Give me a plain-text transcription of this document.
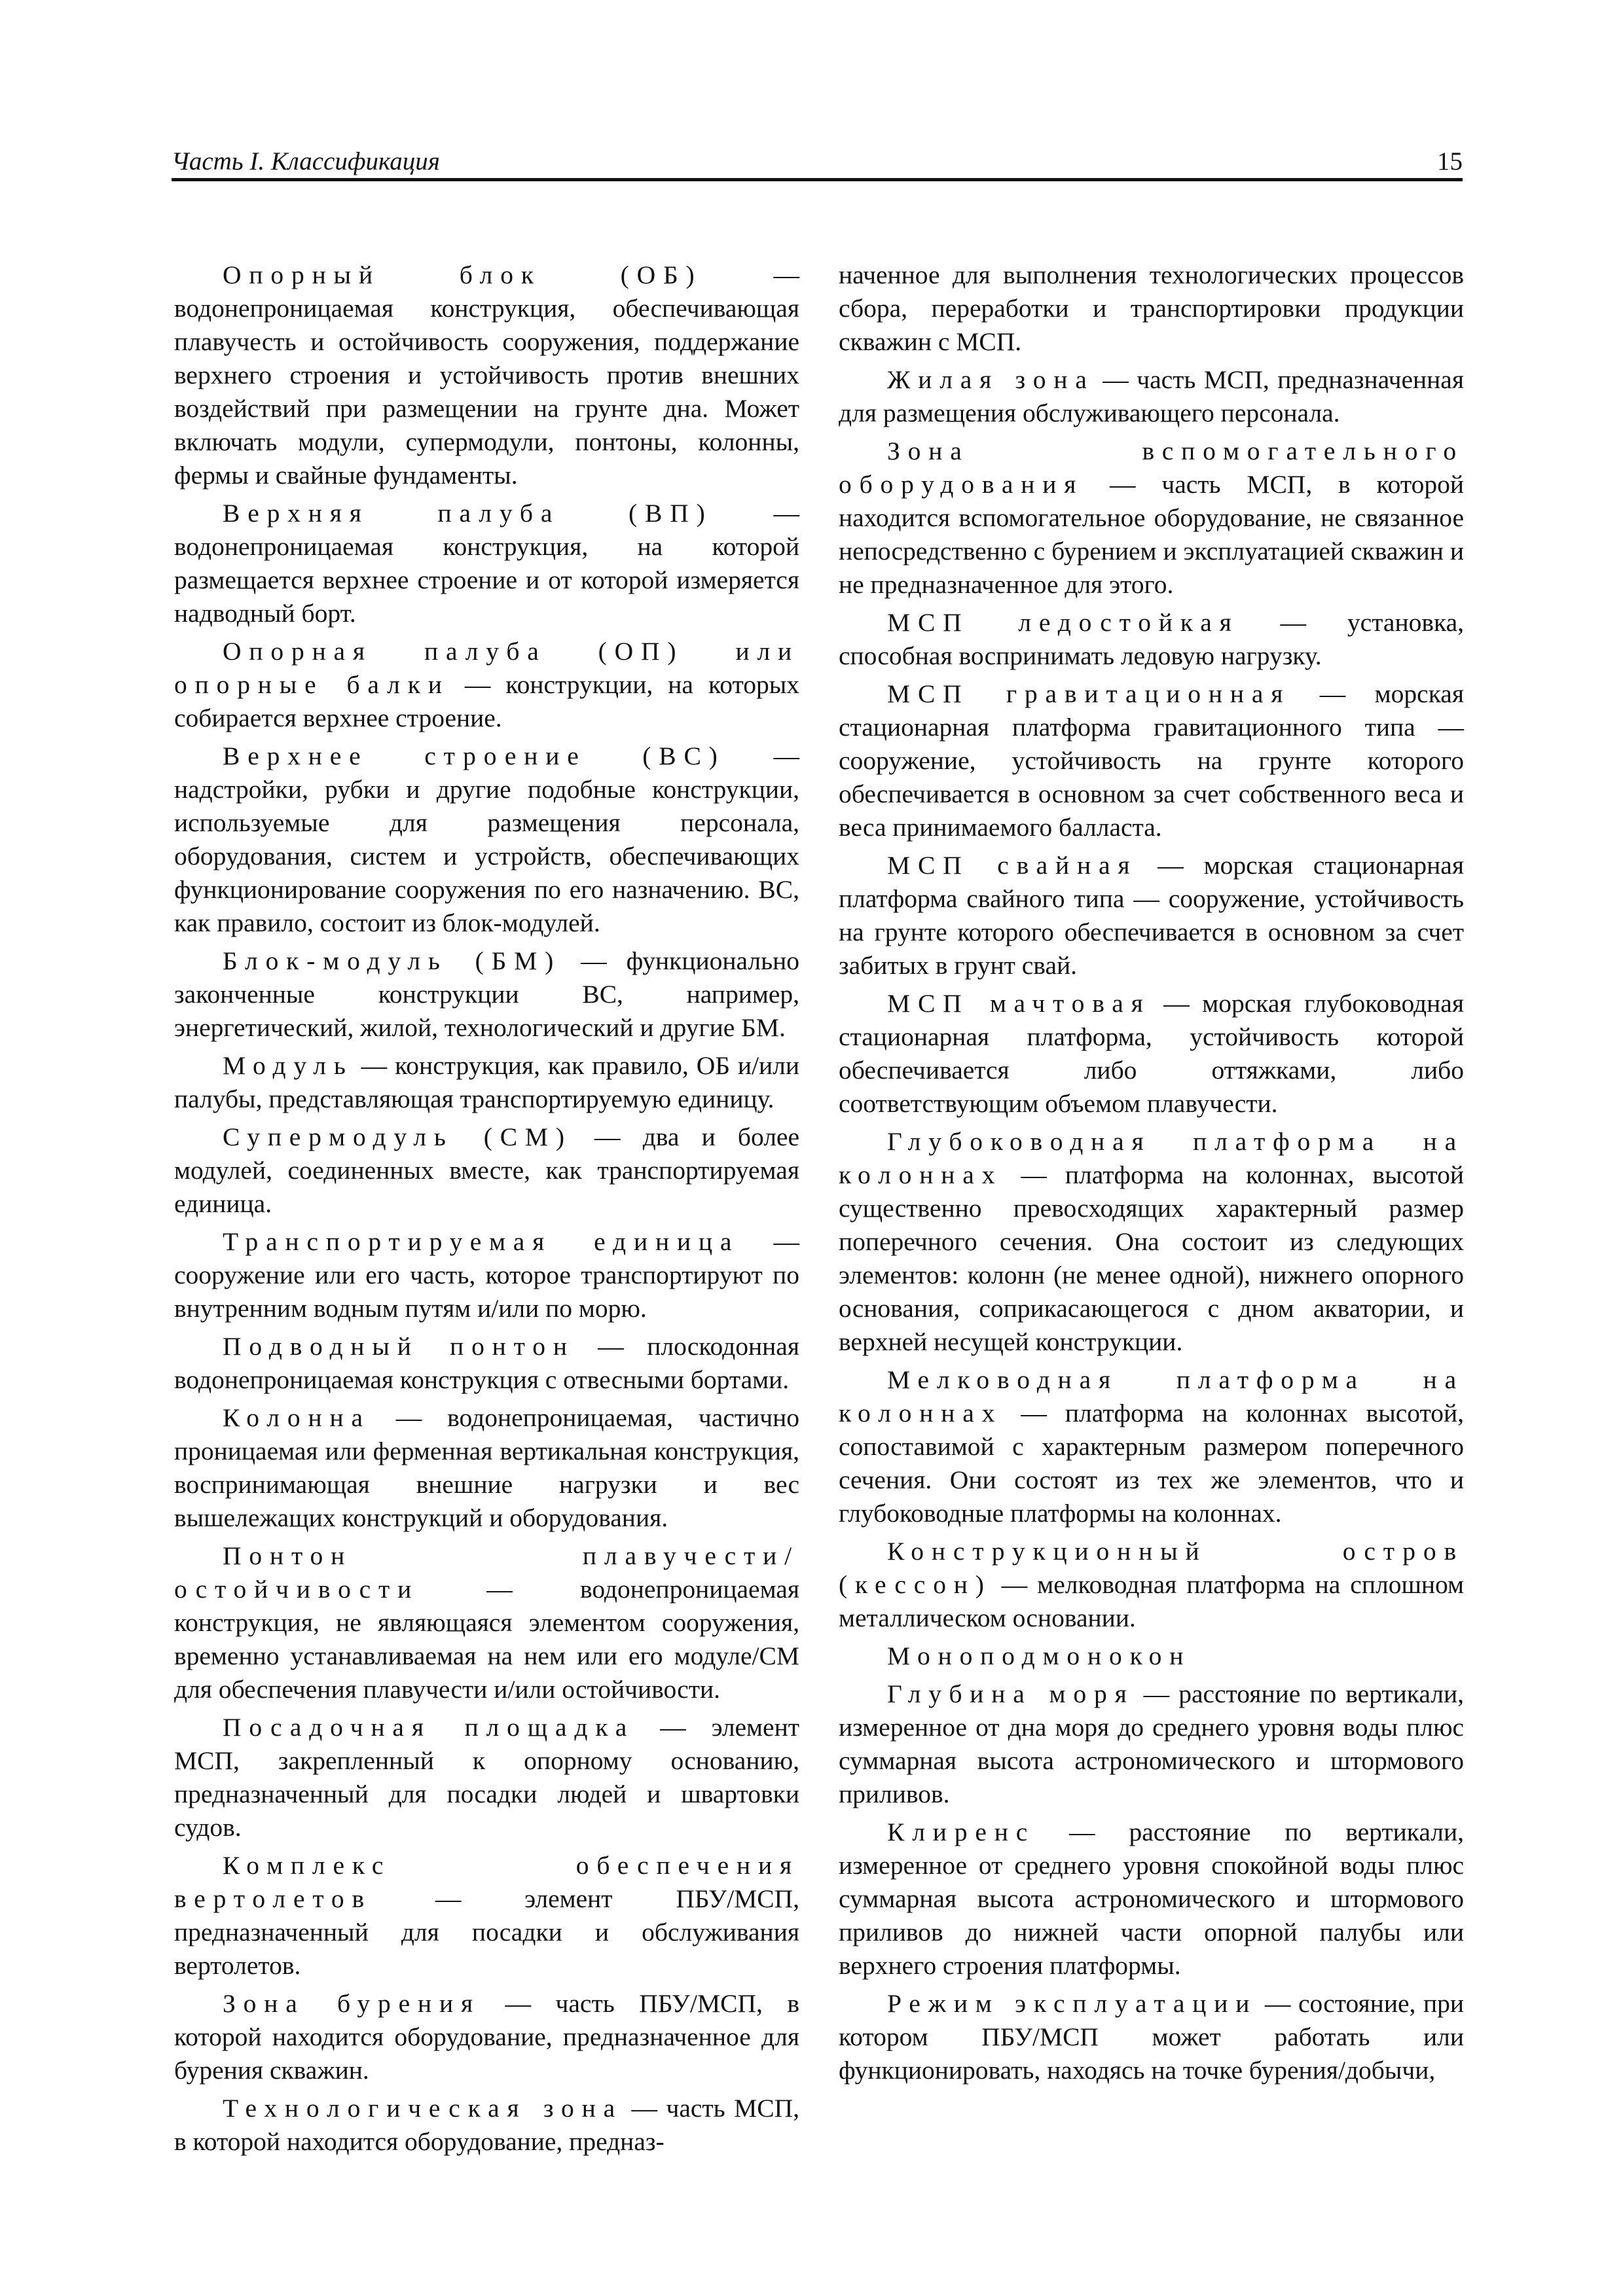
Часть I. Классификация	15

Опорный блок (ОБ) — водонепроницаемая конструкция, обеспечивающая плавучесть и остойчивость сооружения, поддержание верхнего строения и устойчивость против внешних воздействий при размещении на грунте дна. Может включать модули, супермодули, понтоны, колонны, фермы и свайные фундаменты.

Верхняя палуба (ВП) — водонепроницаемая конструкция, на которой размещается верхнее строение и от которой измеряется надводный борт.

Опорная палуба (ОП) или опорные балки — конструкции, на которых собирается верхнее строение.

Верхнее строение (ВС) — надстройки, рубки и другие подобные конструкции, используемые для размещения персонала, оборудования, систем и устройств, обеспечивающих функционирование сооружения по его назначению. ВС, как правило, состоит из блок-модулей.

Блок-модуль (БМ) — функционально законченные конструкции ВС, например, энергетический, жилой, технологический и другие БМ.

Модуль — конструкция, как правило, ОБ и/или палубы, представляющая транспортируемую единицу.

Супермодуль (СМ) — два и более модулей, соединенных вместе, как транспортируемая единица.

Транспортируемая единица — сооружение или его часть, которое транспортируют по внутренним водным путям и/или по морю.

Подводный понтон — плоскодонная водонепроницаемая конструкция с отвесными бортами.

Колонна — водонепроницаемая, частично проницаемая или ферменная вертикальная конструкция, воспринимающая внешние нагрузки и вес вышележащих конструкций и оборудования.

Понтон плавучести/остойчивости — водонепроницаемая конструкция, не являющаяся элементом сооружения, временно устанавливаемая на нем или его модуле/СМ для обеспечения плавучести и/или остойчивости.

Посадочная площадка — элемент МСП, закрепленный к опорному основанию, предназначенный для посадки людей и швартовки судов.

Комплекс обеспечения вертолетов — элемент ПБУ/МСП, предназначенный для посадки и обслуживания вертолетов.

Зона бурения — часть ПБУ/МСП, в которой находится оборудование, предназначенное для бурения скважин.

Технологическая зона — часть МСП, в которой находится оборудование, предназ-

наченное для выполнения технологических процессов сбора, переработки и транспортировки продукции скважин с МСП.

Жилая зона — часть МСП, предназначенная для размещения обслуживающего персонала.

Зона вспомогательного оборудования — часть МСП, в которой находится вспомогательное оборудование, не связанное непосредственно с бурением и эксплуатацией скважин и не предназначенное для этого.

МСП ледостойкая — установка, способная воспринимать ледовую нагрузку.

МСП гравитационная — морская стационарная платформа гравитационного типа — сооружение, устойчивость на грунте которого обеспечивается в основном за счет собственного веса и веса принимаемого балласта.

МСП свайная — морская стационарная платформа свайного типа — сооружение, устойчивость на грунте которого обеспечивается в основном за счет забитых в грунт свай.

МСП мачтовая — морская глубоководная стационарная платформа, устойчивость которой обеспечивается либо оттяжками, либо соответствующим объемом плавучести.

Глубоководная платформа на колоннах — платформа на колоннах, высотой существенно превосходящих характерный размер поперечного сечения. Она состоит из следующих элементов: колонн (не менее одной), нижнего опорного основания, соприкасающегося с дном акватории, и верхней несущей конструкции.

Мелководная платформа на колоннах — платформа на колоннах высотой, сопоставимой с характерным размером поперечного сечения. Они состоят из тех же элементов, что и глубоководные платформы на колоннах.

Конструкционный остров (кессон) — мелководная платформа на сплошном металлическом основании.

Моноподмонокон

Глубина моря — расстояние по вертикали, измеренное от дна моря до среднего уровня воды плюс суммарная высота астрономического и штормового приливов.

Клиренс — расстояние по вертикали, измеренное от среднего уровня спокойной воды плюс суммарная высота астрономического и штормового приливов до нижней части опорной палубы или верхнего строения платформы.

Режим эксплуатации — состояние, при котором ПБУ/МСП может работать или функционировать, находясь на точке бурения/добычи,
